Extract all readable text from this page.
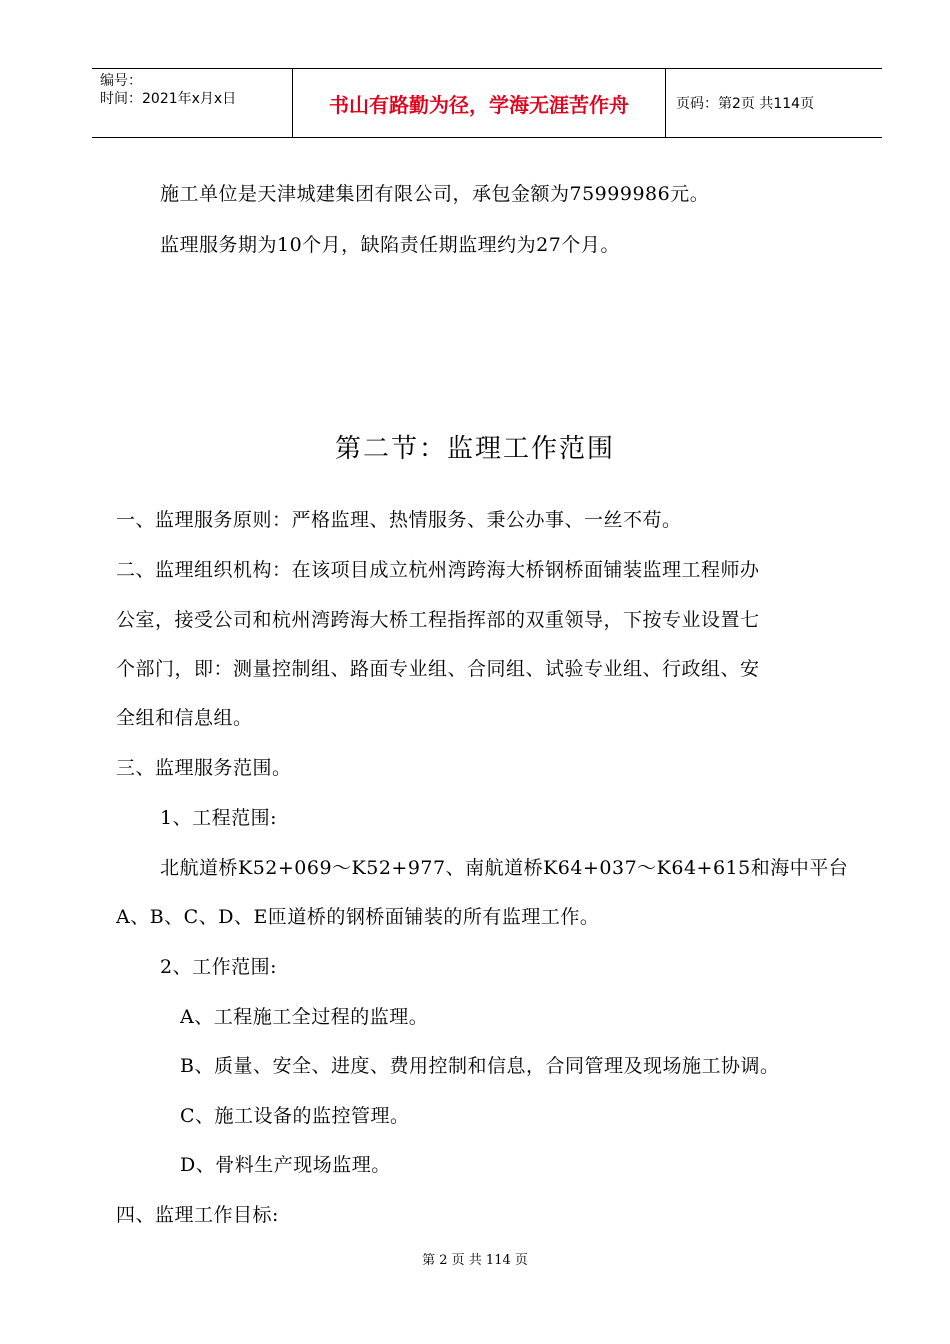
编号：
时间：2021年x月x日	书山有路勤为径，学海无涯苦作舟	页码：第2页 共114页
施工单位是天津城建集团有限公司，承包金额为75999986元。
监理服务期为10个月，缺陷责任期监理约为27个月。
第二节：监理工作范围
一、监理服务原则：严格监理、热情服务、秉公办事、一丝不苟。
二、监理组织机构：在该项目成立杭州湾跨海大桥钢桥面铺装监理工程师办
公室，接受公司和杭州湾跨海大桥工程指挥部的双重领导，下按专业设置七
个部门，即：测量控制组、路面专业组、合同组、试验专业组、行政组、安
全组和信息组。
三、监理服务范围。
1、工程范围:
北航道桥K52+069～K52+977、南航道桥K64+037～K64+615和海中平台
A、B、C、D、E匝道桥的钢桥面铺装的所有监理工作。
2、工作范围:
A、工程施工全过程的监理。
B、质量、安全、进度、费用控制和信息，合同管理及现场施工协调。
C、施工设备的监控管理。
D、骨料生产现场监理。
四、监理工作目标:
第 2 页 共 114 页
